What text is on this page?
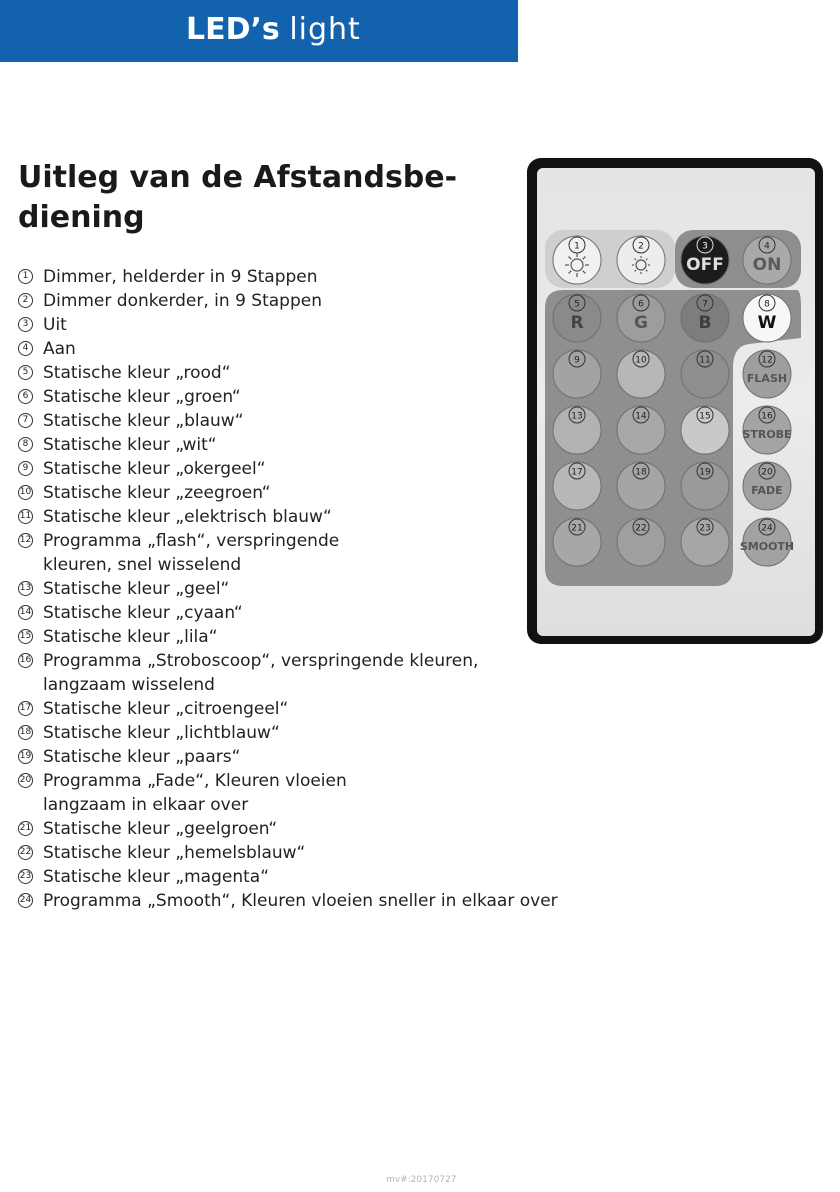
LED’s light
Uitleg van de Afstandsbe-diening
1 Dimmer, helderder in 9 Stappen
2 Dimmer donkerder, in 9 Stappen
3 Uit
4 Aan
5 Statische kleur „rood“
6 Statische kleur „groen“
7 Statische kleur „blauw“
8 Statische kleur „wit“
9 Statische kleur „okergeel“
10 Statische kleur „zeegroen“
11 Statische kleur „elektrisch blauw“
12 Programma „flash“, verspringende
kleuren, snel wisselend
13 Statische kleur „geel“
14 Statische kleur „cyaan“
15 Statische kleur „lila“
16 Programma „Stroboscoop“, verspringende kleuren,
langzaam wisselend
17 Statische kleur „citroengeel“
18 Statische kleur „lichtblauw“
19 Statische kleur „paars“
20 Programma „Fade“, Kleuren vloeien
langzaam in elkaar over
21 Statische kleur „geelgroen“
22 Statische kleur „hemelsblauw“
23 Statische kleur „magenta“
24 Programma „Smooth“, Kleuren vloeien sneller in elkaar over
1	2	3
OFF
4
ON
5
R
6
G
7
B
8
W
9	10	11	12
FLASH
13	14	15	16
STROBE
17	18	19	20
FADE
21	22	23	24
SMOOTH
mv#:20170727
